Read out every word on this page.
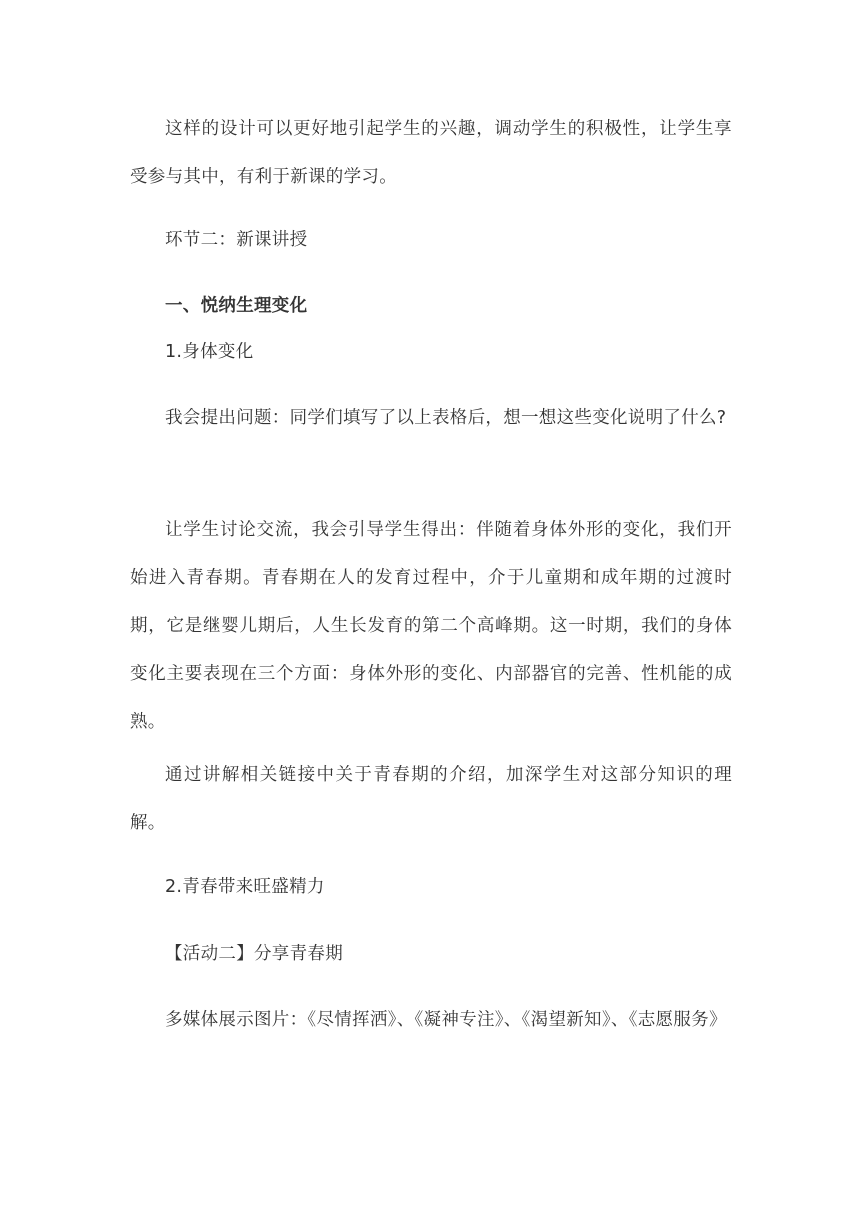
这样的设计可以更好地引起学生的兴趣，调动学生的积极性，让学生享受参与其中，有利于新课的学习。

环节二：新课讲授

一、悦纳生理变化

1.身体变化

我会提出问题：同学们填写了以上表格后，想一想这些变化说明了什么?

让学生讨论交流，我会引导学生得出：伴随着身体外形的变化，我们开始进入青春期。青春期在人的发育过程中，介于儿童期和成年期的过渡时期，它是继婴儿期后，人生长发育的第二个高峰期。这一时期，我们的身体变化主要表现在三个方面：身体外形的变化、内部器官的完善、性机能的成熟。

通过讲解相关链接中关于青春期的介绍，加深学生对这部分知识的理解。

2.青春带来旺盛精力

【活动二】分享青春期

多媒体展示图片：《尽情挥洒》、《凝神专注》、《渴望新知》、《志愿服务》
